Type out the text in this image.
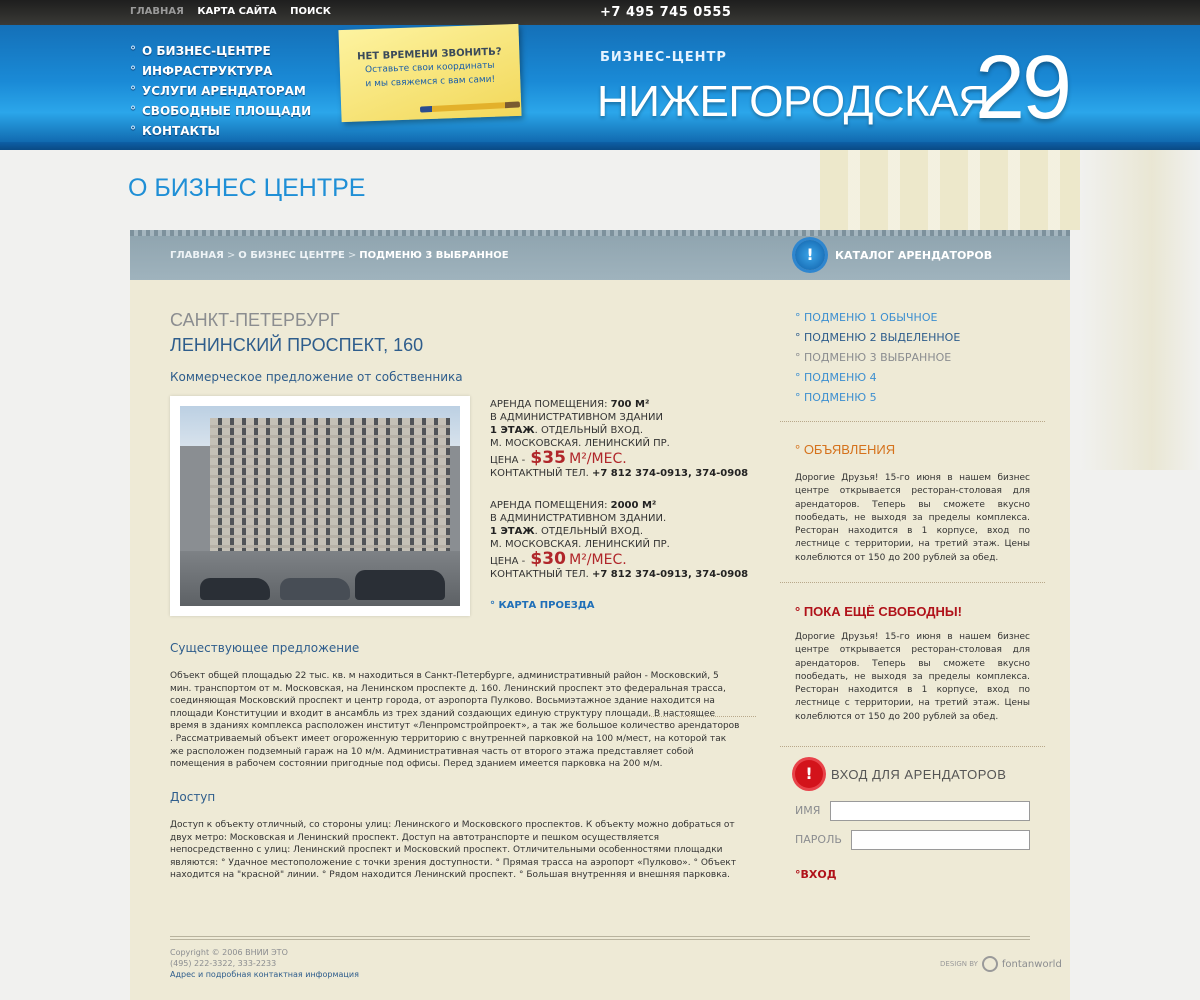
ГЛАВНАЯ КАРТА САЙТА ПОИСК	+7 495 745 0555
° О БИЗНЕС-ЦЕНТРЕ
° ИНФРАСТРУКТУРА
° УСЛУГИ АРЕНДАТОРАМ
° СВОБОДНЫЕ ПЛОЩАДИ
° КОНТАКТЫ
НЕТ ВРЕМЕНИ ЗВОНИТЬ?
Оставьте свои координаты
и мы свяжемся с вам сами!
БИЗНЕС-ЦЕНТР
НИЖЕГОРОДСКАЯ
29
О БИЗНЕС ЦЕНТРЕ
ГЛАВНАЯ > О БИЗНЕС ЦЕНТРЕ > ПОДМЕНЮ 3 ВЫБРАННОЕ	!	КАТАЛОГ АРЕНДАТОРОВ
САНКТ-ПЕТЕРБУРГ
ЛЕНИНСКИЙ ПРОСПЕКТ, 160
Коммерческое предложение от собственника
АРЕНДА ПОМЕЩЕНИЯ: 700 М²
В АДМИНИСТРАТИВНОМ ЗДАНИИ
1 ЭТАЖ. ОТДЕЛЬНЫЙ ВХОД.
М. МОСКОВСКАЯ. ЛЕНИНСКИЙ ПР.
ЦЕНА - $35 М²/МЕС.
КОНТАКТНЫЙ ТЕЛ. +7 812 374-0913, 374-0908
АРЕНДА ПОМЕЩЕНИЯ: 2000 М²
В АДМИНИСТРАТИВНОМ ЗДАНИИ.
1 ЭТАЖ. ОТДЕЛЬНЫЙ ВХОД.
М. МОСКОВСКАЯ. ЛЕНИНСКИЙ ПР.
ЦЕНА - $30 М²/МЕС.
КОНТАКТНЫЙ ТЕЛ. +7 812 374-0913, 374-0908
° КАРТА ПРОЕЗДА
Существующее предложение
Объект общей площадью 22 тыс. кв. м находиться в Санкт-Петербурге, административный район - Московский, 5 мин. транспортом от м. Московская, на Ленинском проспекте д. 160. Ленинский проспект это федеральная трасса, соединяющая Московский проспект и центр города, от аэропорта Пулково. Восьмиэтажное здание находится на площади Конституции и входит в ансамбль из трех зданий создающих единую структуру площади. В настоящее время в зданиях комплекса расположен институт «Ленпромстройпроект», а так же большое количество арендаторов . Рассматриваемый объект имеет огороженную территорию с внутренней парковкой на 100 м/мест, на которой так же расположен подземный гараж на 10 м/м. Административная часть от второго этажа представляет собой помещения в рабочем состоянии пригодные под офисы. Перед зданием имеется парковка на 200 м/м.
Доступ
Доступ к объекту отличный, со стороны улиц: Ленинского и Московского проспектов. К объекту можно добраться от двух метро: Московская и Ленинский проспект. Доступ на автотранспорте и пешком осуществляется непосредственно с улиц: Ленинский проспект и Московский проспект. Отличительными особенностями площадки являются: ° Удачное местоположение с точки зрения доступности. ° Прямая трасса на аэропорт «Пулково». ° Объект находится на "красной" линии. ° Рядом находится Ленинский проспект. ° Большая внутренняя и внешняя парковка.
° ПОДМЕНЮ 1 ОБЫЧНОЕ
° ПОДМЕНЮ 2 ВЫДЕЛЕННОЕ
° ПОДМЕНЮ 3 ВЫБРАННОЕ
° ПОДМЕНЮ 4
° ПОДМЕНЮ 5
° ОБЪЯВЛЕНИЯ
Дорогие Друзья! 15-го июня в нашем бизнес центре открывается ресторан-столовая для арендаторов. Теперь вы сможете вкусно пообедать, не выходя за пределы комплекса. Ресторан находится в 1 корпусе, вход по лестнице с территории, на третий этаж. Цены колеблются от 150 до 200 рублей за обед.
° ПОКА ЕЩЁ СВОБОДНЫ!
Дорогие Друзья! 15-го июня в нашем бизнес центре открывается ресторан-столовая для арендаторов. Теперь вы сможете вкусно пообедать, не выходя за пределы комплекса. Ресторан находится в 1 корпусе, вход по лестнице с территории, на третий этаж. Цены колеблются от 150 до 200 рублей за обед.
!	ВХОД ДЛЯ АРЕНДАТОРОВ
ИМЯ
ПАРОЛЬ
° ВХОД
Copyright © 2006 ВНИИ ЭТО
(495) 222-3322, 333-2233
Адрес и подробная контактная информация
DESIGN BY fontanworld
